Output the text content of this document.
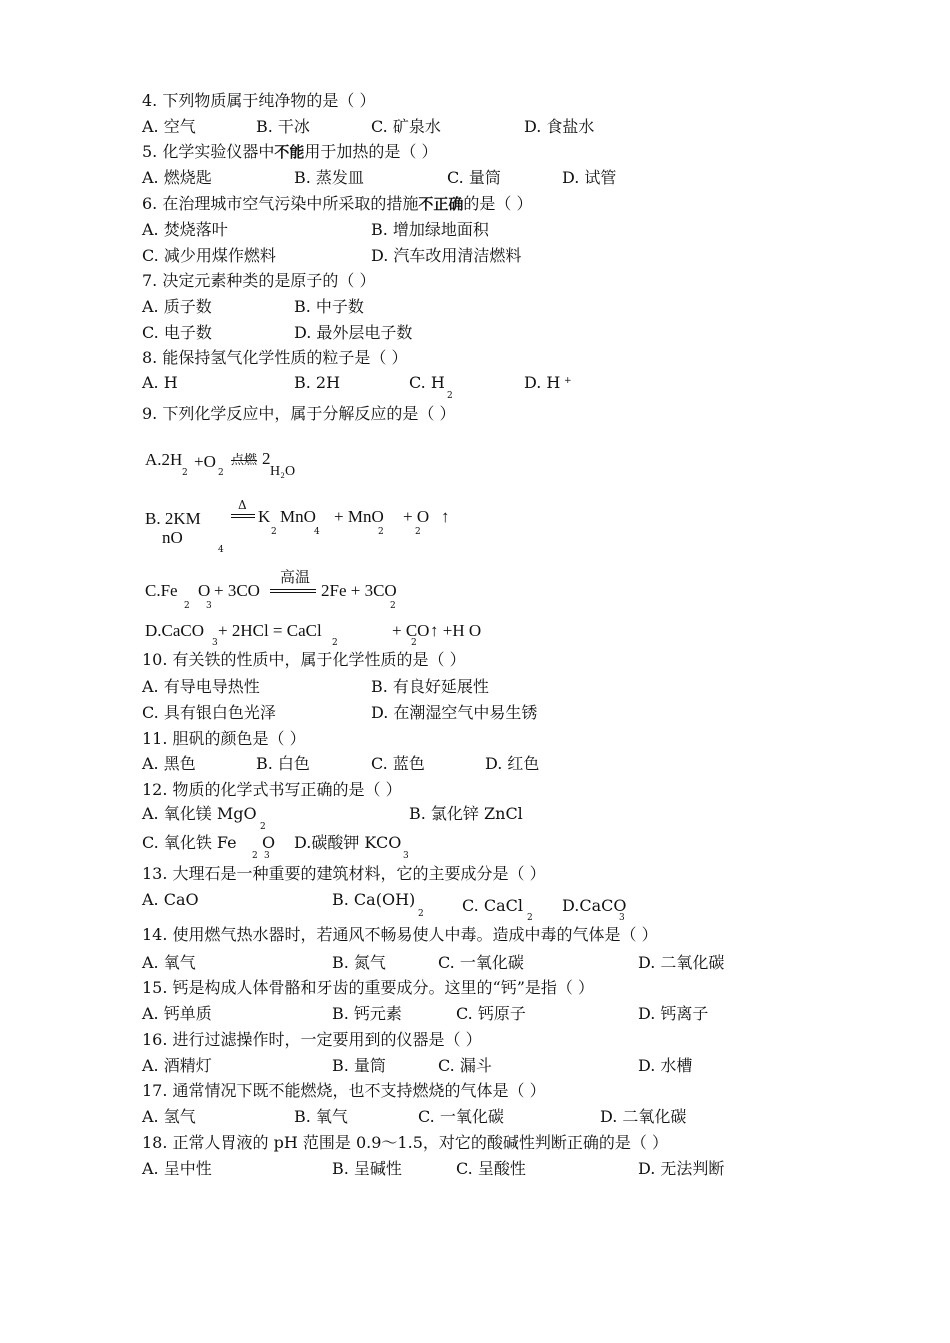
4. 下列物质属于纯净物的是（ ）
A. 空气	B. 干冰	C. 矿泉水	D. 食盐水
5. 化学实验仪器中不能用于加热的是（ ）
A. 燃烧匙	B. 蒸发皿	C. 量筒	D. 试管
6. 在治理城市空气污染中所采取的措施不正确的是（ ）
A. 焚烧落叶	B. 增加绿地面积
C. 减少用煤作燃料	D. 汽车改用清洁燃料
7. 决定元素种类的是原子的（ ）
A. 质子数	B. 中子数
C. 电子数	D. 最外层电子数
8. 能保持氢气化学性质的粒子是（ ）
A. H	B. 2H	C. H
2
D. H +
9. 下列化学反应中，属于分解反应的是（ ）
A.2H
2
+O
2
点燃 2
H₂O
B. 2KM
nO
4
Δ
K
2
MnO
4
+ MnO
2
+ O
2
↑
C.Fe
2
O
3
+ 3CO
高温
2Fe + 3CO
2
D.CaCO
3
+ 2HCl = CaCl
2
+ CO
2
↑ +H O
10. 有关铁的性质中，属于化学性质的是（ ）
A. 有导电导热性	B. 有良好延展性
C. 具有银白色光泽	D. 在潮湿空气中易生锈
11. 胆矾的颜色是（ ）
A. 黑色	B. 白色	C. 蓝色	D. 红色
12. 物质的化学式书写正确的是（ ）
A. 氧化镁 MgO
2
B. 氯化锌 ZnCl
C. 氧化铁 Fe
2
O
3
D.碳酸钾 KCO
3
13. 大理石是一种重要的建筑材料，它的主要成分是（ ）
A. CaO	B. Ca(OH)
2 C. CaCl
2
D.CaCO
3
14. 使用燃气热水器时，若通风不畅易使人中毒。造成中毒的气体是（ ）
A. 氧气	B. 氮气	C. 一氧化碳	D. 二氧化碳
15. 钙是构成人体骨骼和牙齿的重要成分。这里的“钙”是指（ ）
A. 钙单质	B. 钙元素	C. 钙原子	D. 钙离子
16. 进行过滤操作时，一定要用到的仪器是（ ）
A. 酒精灯	B. 量筒	C. 漏斗	D. 水槽
17. 通常情况下既不能燃烧，也不支持燃烧的气体是（ ）
A. 氢气	B. 氧气	C. 一氧化碳	D. 二氧化碳
18. 正常人胃液的 pH 范围是 0.9～1.5，对它的酸碱性判断正确的是（ ）
A. 呈中性	B. 呈碱性	C. 呈酸性	D. 无法判断
